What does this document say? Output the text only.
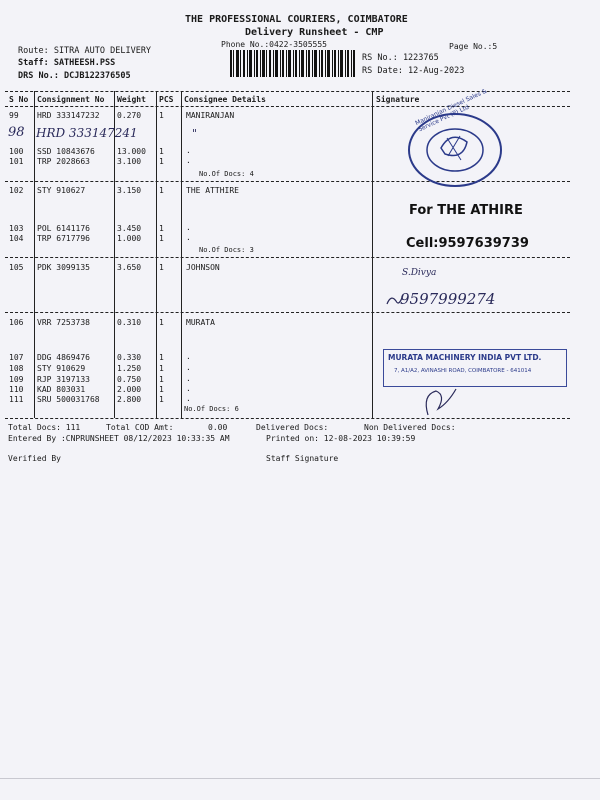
THE PROFESSIONAL COURIERS, COIMBATORE
Delivery Runsheet - CMP
Phone No.:0422-3505555	Page No.:5
Route: SITRA AUTO DELIVERY
Staff: SATHEESH.PSS
DRS No.: DCJB122376505
RS No.: 1223765
RS Date: 12-Aug-2023
S No Consignment No Weight PCS Consignee Details	Signature
99 HRD 333147232 0.270 1	MANIRANJAN
98 HRD 333147241	"
100 SSD 10843676	13.000 1	.
101 TRP 2028663	3.100 1	.
No.Of Docs: 4
Maniranjan Diesel Sales & Service Pvt (P) Ltd
102 STY 910627	3.150 1	THE ATTHIRE
103 POL 6141176	3.450 1	.
104 TRP 6717796	1.000 1	.
No.Of Docs: 3
For THE ATHIRE
Cell:9597639739
105 PDK 3099135	3.650 1	JOHNSON
S.Divya
9597999274
106 VRR 7253738	0.310 1	MURATA
107 DDG 4869476	0.330 1	.
108 STY 910629	1.250 1	.
109 RJP 3197133	0.750 1	.
110 KAD 803031	2.000 1	.
111 SRU 500031768 2.800 1	.
No.Of Docs: 6
MURATA MACHINERY INDIA PVT LTD.
7, A1/A2, AVINASHI ROAD, COIMBATORE - 641014
Total Docs: 111	Total COD Amt:	0.00	Delivered Docs:	Non Delivered Docs:
Entered By :CNPRUNSHEET 08/12/2023 10:33:35 AM	Printed on: 12-08-2023 10:39:59
Verified By	Staff Signature
